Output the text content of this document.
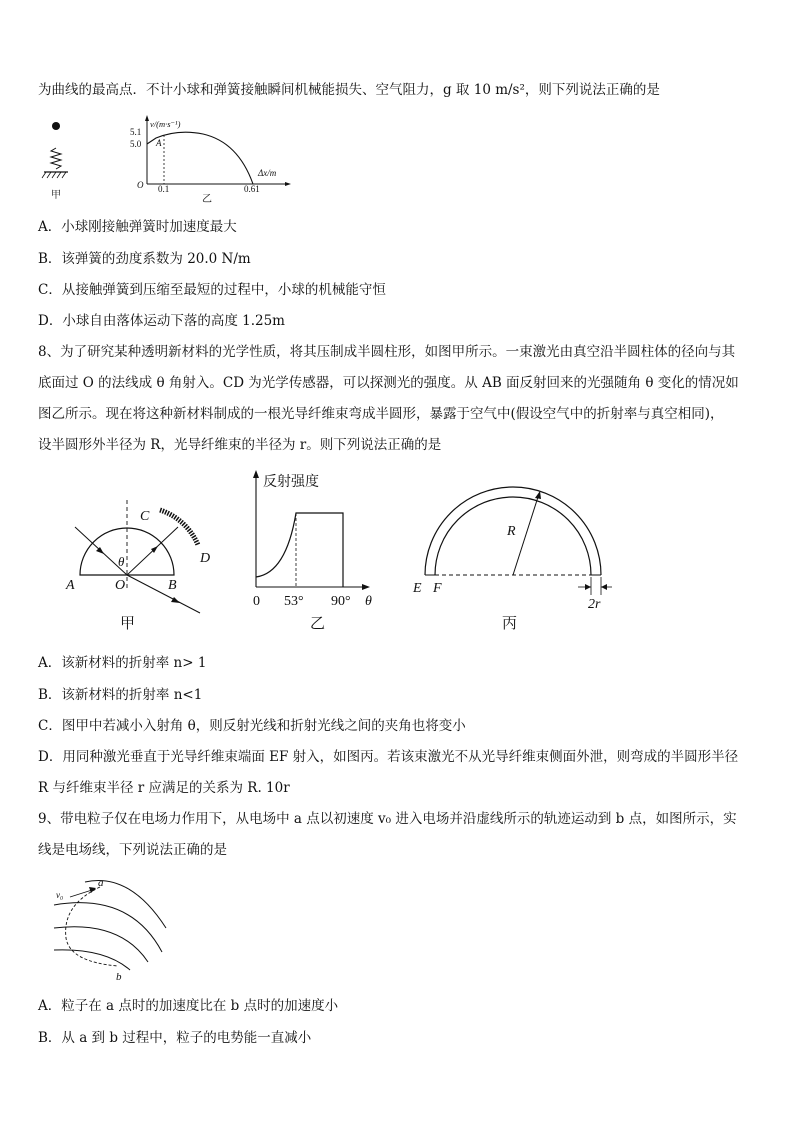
为曲线的最高点．不计小球和弹簧接触瞬间机械能损失、空气阻力，g 取 10 m/s²，则下列说法正确的是
甲
v/(m·s⁻¹)
5.1
5.0 A
O 0.1	0.61
Δx/m
乙
A．小球刚接触弹簧时加速度最大
B．该弹簧的劲度系数为 20.0 N/m
C．从接触弹簧到压缩至最短的过程中，小球的机械能守恒
D．小球自由落体运动下落的高度 1.25m
8、为了研究某种透明新材料的光学性质，将其压制成半圆柱形，如图甲所示。一束激光由真空沿半圆柱体的径向与其
底面过 O 的法线成 θ 角射入。CD 为光学传感器，可以探测光的强度。从 AB 面反射回来的光强随角 θ 变化的情况如
图乙所示。现在将这种新材料制成的一根光导纤维束弯成半圆形，暴露于空气中(假设空气中的折射率与真空相同)，
设半圆形外半径为 R，光导纤维束的半径为 r。则下列说法正确的是
C
D
θ
A	O	B
甲
反射强度
0 53° 90° θ
乙
R
E F
2r
丙
A．该新材料的折射率 n> 1
B．该新材料的折射率 n<1
C．图甲中若减小入射角 θ，则反射光线和折射光线之间的夹角也将变小
D．用同种激光垂直于光导纤维束端面 EF 射入，如图丙。若该束激光不从光导纤维束侧面外泄，则弯成的半圆形半径
R 与纤维束半径 r 应满足的关系为 R. 10r
9、带电粒子仅在电场力作用下，从电场中 a 点以初速度 v₀ 进入电场并沿虚线所示的轨迹运动到 b 点，如图所示，实
线是电场线，下列说法正确的是
a
v₀
b
A．粒子在 a 点时的加速度比在 b 点时的加速度小
B．从 a 到 b 过程中，粒子的电势能一直减小
